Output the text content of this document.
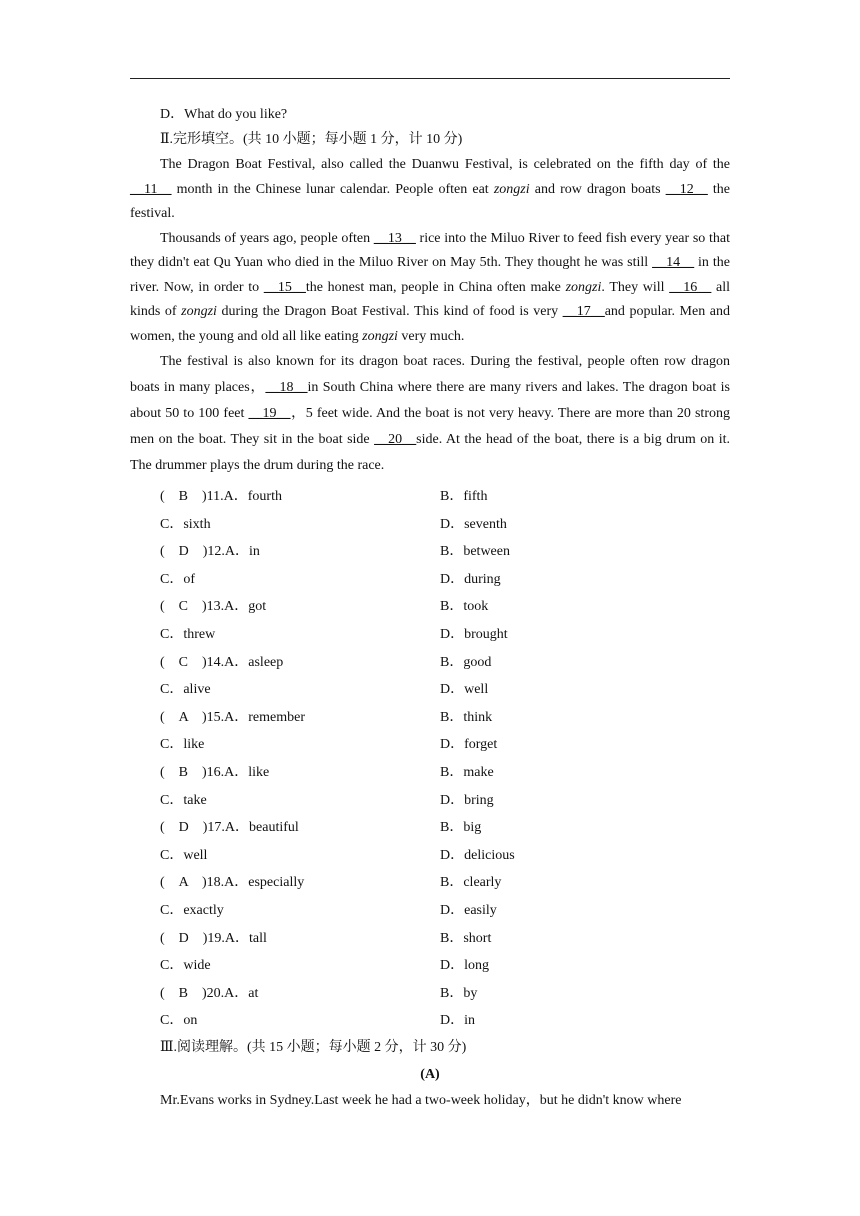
D．What do you like?

Ⅱ.完形填空。(共 10 小题；每小题 1 分，计 10 分)

The Dragon Boat Festival, also called the Duanwu Festival, is celebrated on the fifth day of the __11__ month in the Chinese lunar calendar. People often eat zongzi and row dragon boats __12__ the festival.

Thousands of years ago, people often __13__ rice into the Miluo River to feed fish every year so that they didn't eat Qu Yuan who died in the Miluo River on May 5th. They thought he was still __14__ in the river. Now, in order to __15__the honest man, people in China often make zongzi. They will __16__ all kinds of zongzi during the Dragon Boat Festival. This kind of food is very __17__and popular. Men and women, the young and old all like eating zongzi very much.

The festival is also known for its dragon boat races. During the festival, people often row dragon boats in many places，__18__in South China where there are many rivers and lakes. The dragon boat is about 50 to 100 feet __19__，5 feet wide. And the boat is not very heavy. There are more than 20 strong men on the boat. They sit in the boat side __20__side. At the head of the boat, there is a big drum on it. The drummer plays the drum during the race.

(　B　)11.A．fourth	B．fifth
C．sixth	D．seventh
(　D　)12.A．in	B．between
C．of	D．during
(　C　)13.A．got	B．took
C．threw	D．brought
(　C　)14.A．asleep	B．good
C．alive	D．well
(　A　)15.A．remember	B．think
C．like	D．forget
(　B　)16.A．like	B．make
C．take	D．bring
(　D　)17.A．beautiful	B．big
C．well	D．delicious
(　A　)18.A．especially	B．clearly
C．exactly	D．easily
(　D　)19.A．tall	B．short
C．wide	D．long
(　B　)20.A．at	B．by
C．on	D．in

Ⅲ.阅读理解。(共 15 小题；每小题 2 分，计 30 分)

(A)

Mr.Evans works in Sydney.Last week he had a two-week holiday，but he didn't know where
